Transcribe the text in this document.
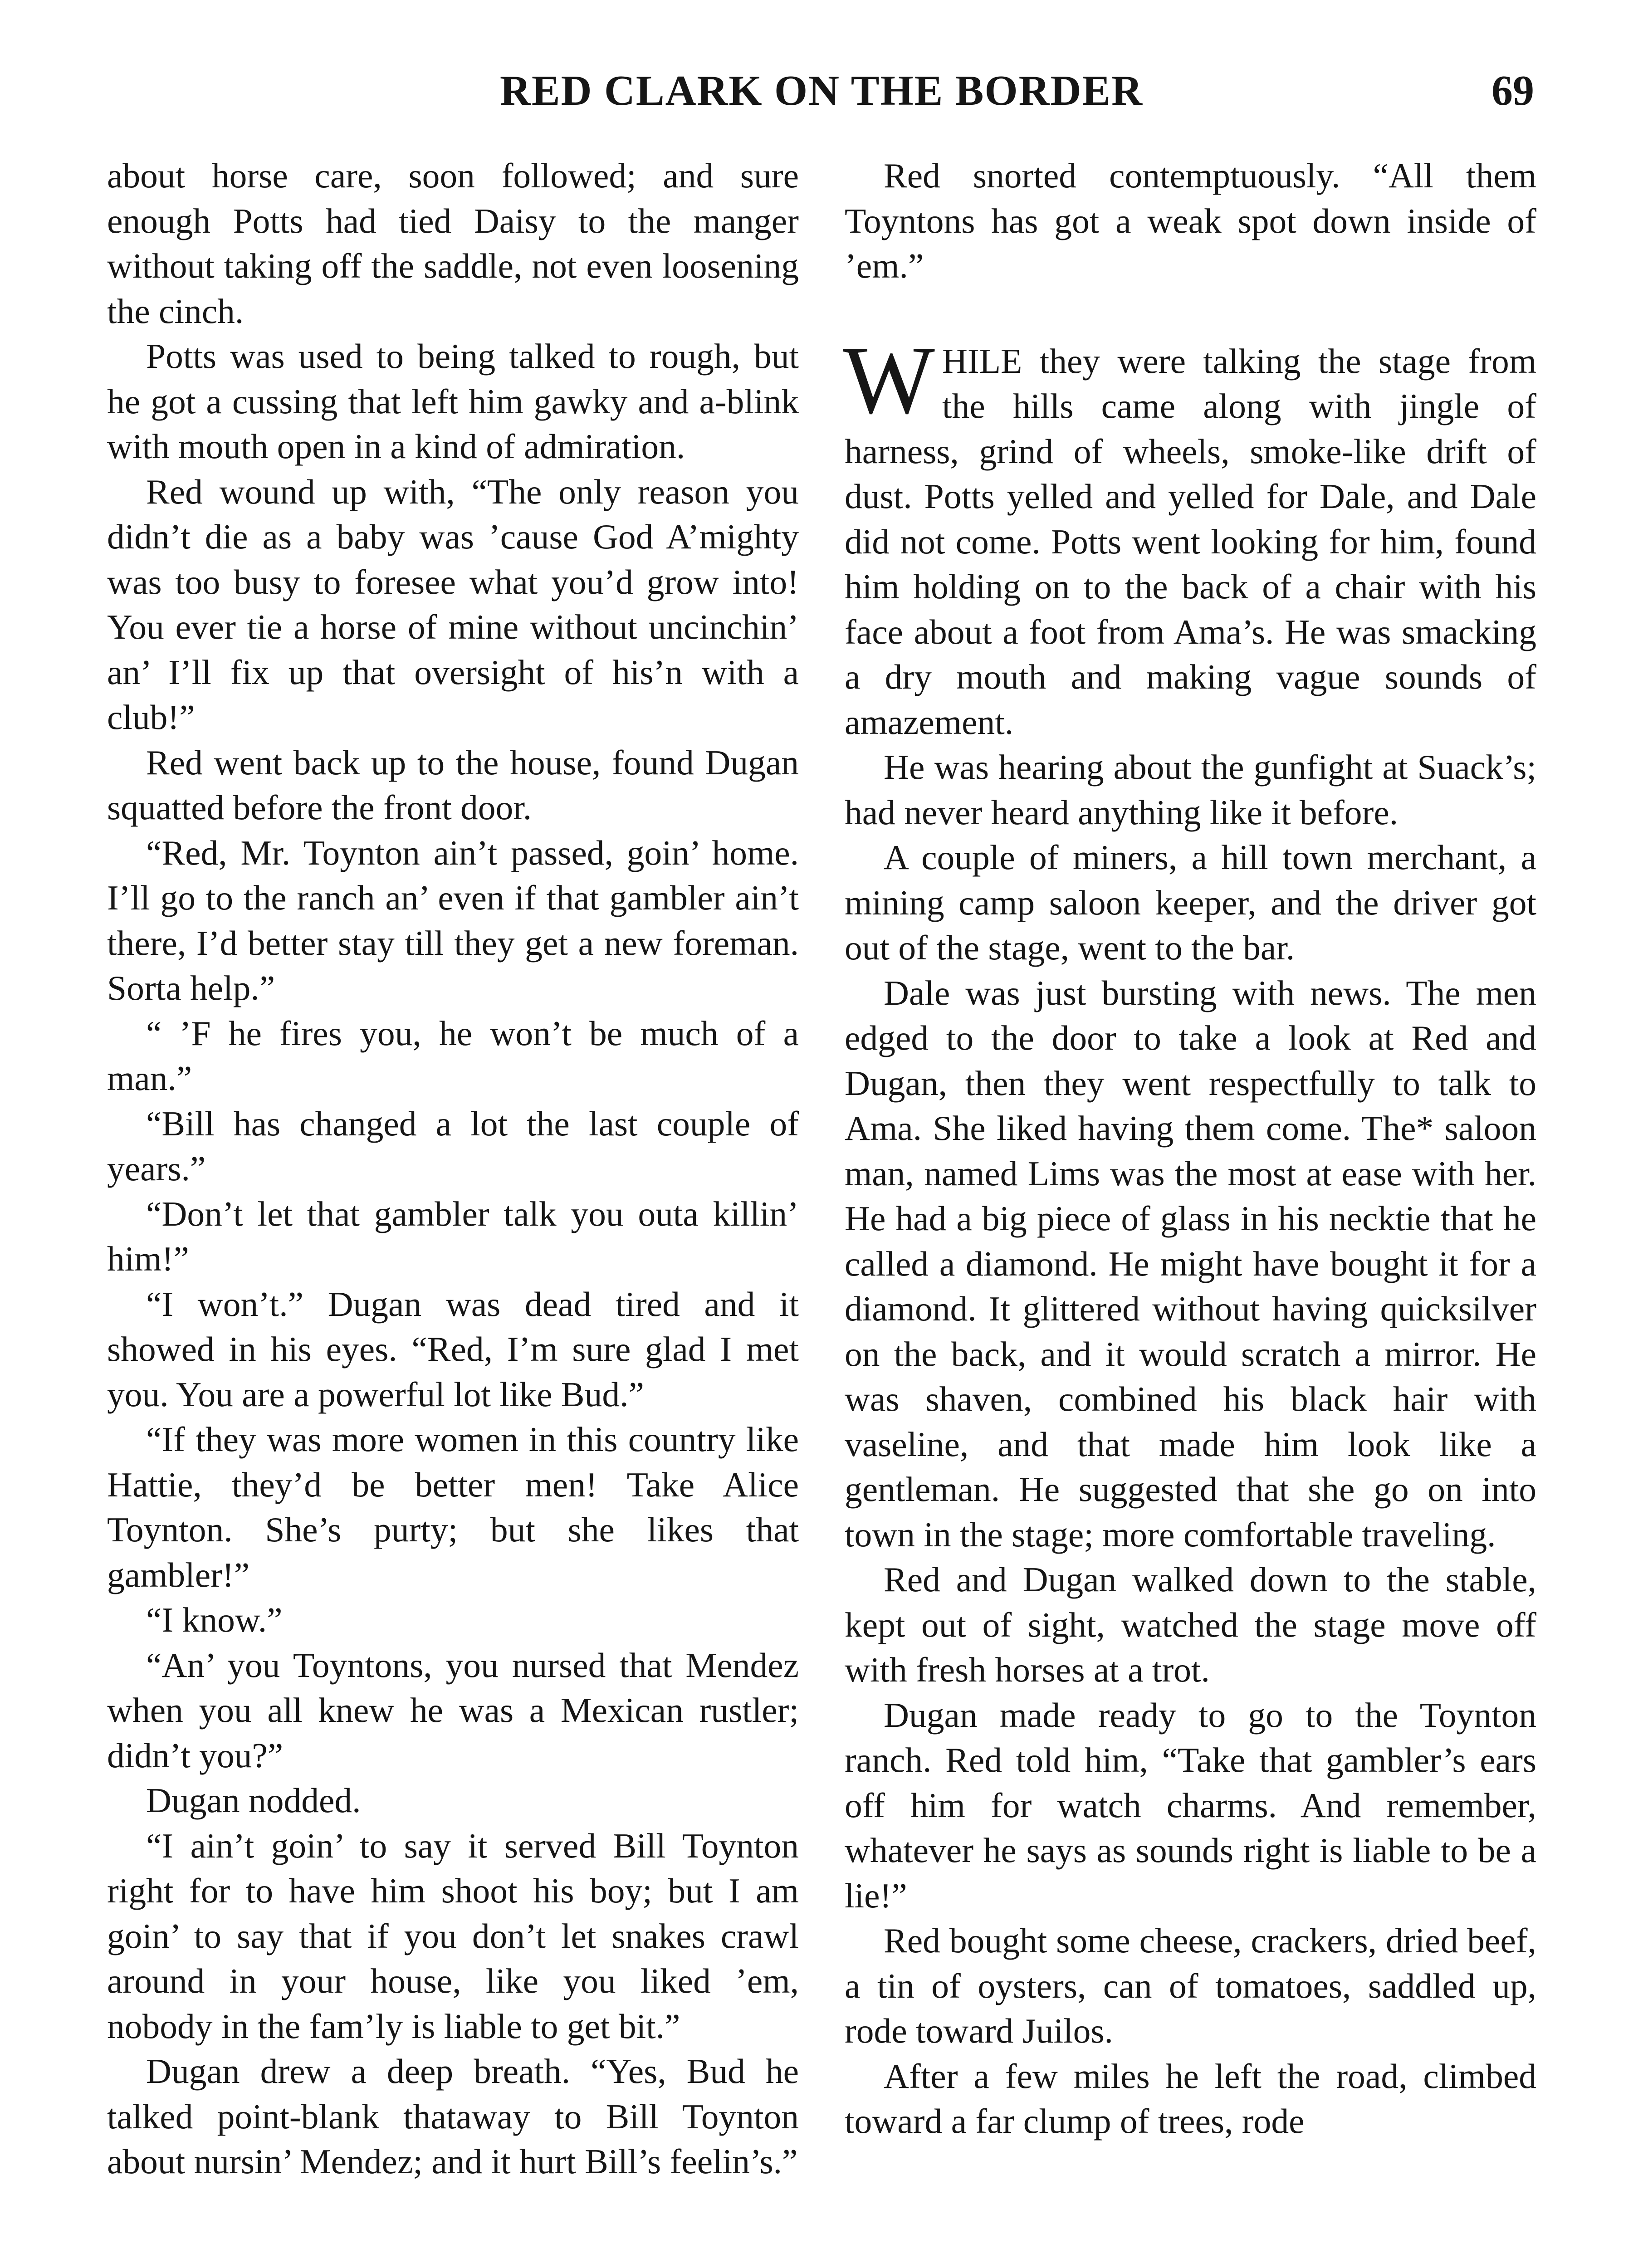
RED CLARK ON THE BORDER	69

about horse care, soon followed; and sure enough Potts had tied Daisy to the manger without taking off the saddle, not even loosening the cinch.

Potts was used to being talked to rough, but he got a cussing that left him gawky and a-blink with mouth open in a kind of admiration.

Red wound up with, “The only reason you didn’t die as a baby was ’cause God A’mighty was too busy to foresee what you’d grow into! You ever tie a horse of mine without uncinchin’ an’ I’ll fix up that oversight of his’n with a club!”

Red went back up to the house, found Dugan squatted before the front door.

“Red, Mr. Toynton ain’t passed, goin’ home. I’ll go to the ranch an’ even if that gambler ain’t there, I’d better stay till they get a new foreman. Sorta help.”

“ ’F he fires you, he won’t be much of a man.”

“Bill has changed a lot the last couple of years.”

“Don’t let that gambler talk you outa killin’ him!”

“I won’t.” Dugan was dead tired and it showed in his eyes. “Red, I’m sure glad I met you. You are a powerful lot like Bud.”

“If they was more women in this country like Hattie, they’d be better men! Take Alice Toynton. She’s purty; but she likes that gambler!”

“I know.”

“An’ you Toyntons, you nursed that Mendez when you all knew he was a Mexican rustler; didn’t you?”

Dugan nodded.

“I ain’t goin’ to say it served Bill Toynton right for to have him shoot his boy; but I am goin’ to say that if you don’t let snakes crawl around in your house, like you liked ’em, nobody in the fam’ly is liable to get bit.”

Dugan drew a deep breath. “Yes, Bud he talked point-blank thataway to Bill Toynton about nursin’ Mendez; and it hurt Bill’s feelin’s.”

Red snorted contemptuously. “All them Toyntons has got a weak spot down inside of ’em.”

WHILE they were talking the stage from the hills came along with jingle of harness, grind of wheels, smoke-like drift of dust. Potts yelled and yelled for Dale, and Dale did not come. Potts went looking for him, found him holding on to the back of a chair with his face about a foot from Ama’s. He was smacking a dry mouth and making vague sounds of amazement.

He was hearing about the gunfight at Suack’s; had never heard anything like it before.

A couple of miners, a hill town merchant, a mining camp saloon keeper, and the driver got out of the stage, went to the bar.

Dale was just bursting with news. The men edged to the door to take a look at Red and Dugan, then they went respectfully to talk to Ama. She liked having them come. The* saloon man, named Lims was the most at ease with her. He had a big piece of glass in his necktie that he called a diamond. He might have bought it for a diamond. It glittered without having quicksilver on the back, and it would scratch a mirror. He was shaven, combined his black hair with vaseline, and that made him look like a gentleman. He suggested that she go on into town in the stage; more comfortable traveling.

Red and Dugan walked down to the stable, kept out of sight, watched the stage move off with fresh horses at a trot.

Dugan made ready to go to the Toynton ranch. Red told him, “Take that gambler’s ears off him for watch charms. And remember, whatever he says as sounds right is liable to be a lie!”

Red bought some cheese, crackers, dried beef, a tin of oysters, can of tomatoes, saddled up, rode toward Juilos.

After a few miles he left the road, climbed toward a far clump of trees, rode
